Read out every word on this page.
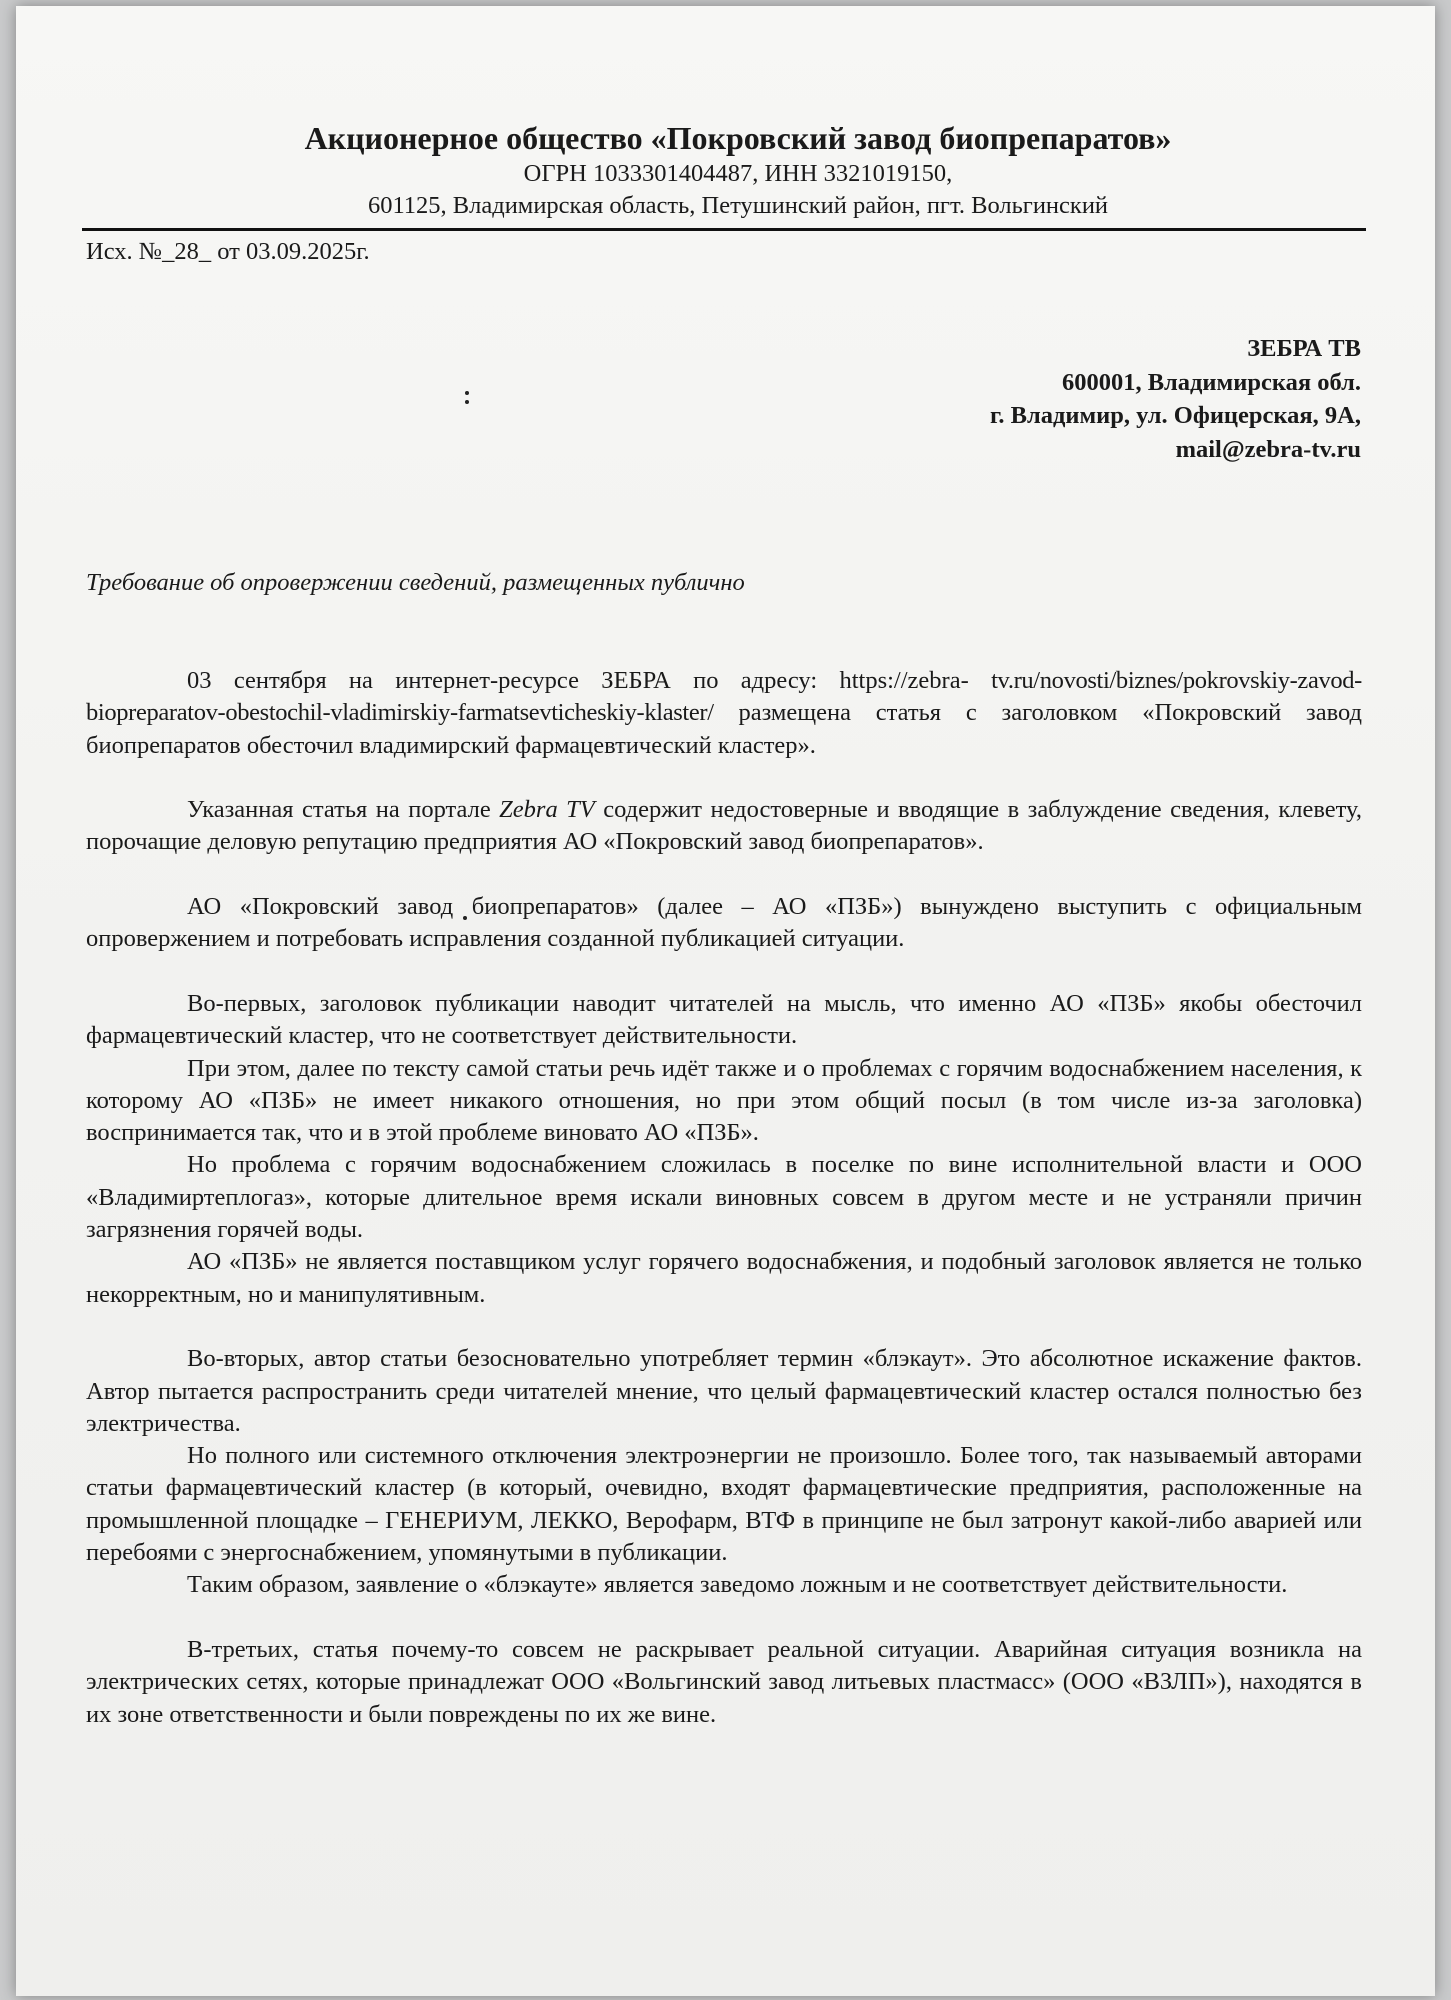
Акционерное общество «Покровский завод биопрепаратов»
ОГРН 1033301404487, ИНН 3321019150,
601125, Владимирская область, Петушинский район, пгт. Вольгинский
Исх. №_28_ от 03.09.2025г.
ЗЕБРА ТВ
600001, Владимирская обл.
г. Владимир, ул. Офицерская, 9А,
mail@zebra-tv.ru
Требование об опровержении сведений, размещенных публично

03 сентября на интернет-ресурсе ЗЕБРА по адресу: https://zebra- tv.ru/novosti/biznes/pokrovskiy-zavod-biopreparatov-obestochil-vladimirskiy-farmatsevticheskiy-klaster/ размещена статья с заголовком «Покровский завод биопрепаратов обесточил владимирский фармацевтический кластер».

Указанная статья на портале Zebra TV содержит недостоверные и вводящие в заблуждение сведения, клевету, порочащие деловую репутацию предприятия АО «Покровский завод биопрепаратов».

АО «Покровский завод биопрепаратов» (далее – АО «ПЗБ») вынуждено выступить с официальным опровержением и потребовать исправления созданной публикацией ситуации.

Во-первых, заголовок публикации наводит читателей на мысль, что именно АО «ПЗБ» якобы обесточил фармацевтический кластер, что не соответствует действительности.

При этом, далее по тексту самой статьи речь идёт также и о проблемах с горячим водоснабжением населения, к которому АО «ПЗБ» не имеет никакого отношения, но при этом общий посыл (в том числе из-за заголовка) воспринимается так, что и в этой проблеме виновато АО «ПЗБ».

Но проблема с горячим водоснабжением сложилась в поселке по вине исполнительной власти и ООО «Владимиртеплогаз», которые длительное время искали виновных совсем в другом месте и не устраняли причин загрязнения горячей воды.

АО «ПЗБ» не является поставщиком услуг горячего водоснабжения, и подобный заголовок является не только некорректным, но и манипулятивным.

Во-вторых, автор статьи безосновательно употребляет термин «блэкаут». Это абсолютное искажение фактов. Автор пытается распространить среди читателей мнение, что целый фармацевтический кластер остался полностью без электричества.

Но полного или системного отключения электроэнергии не произошло. Более того, так называемый авторами статьи фармацевтический кластер (в который, очевидно, входят фармацевтические предприятия, расположенные на промышленной площадке – ГЕНЕРИУМ, ЛЕККО, Верофарм, ВТФ в принципе не был затронут какой-либо аварией или перебоями с энергоснабжением, упомянутыми в публикации.

Таким образом, заявление о «блэкауте» является заведомо ложным и не соответствует действительности.

В-третьих, статья почему-то совсем не раскрывает реальной ситуации. Аварийная ситуация возникла на электрических сетях, которые принадлежат ООО «Вольгинский завод литьевых пластмасс» (ООО «ВЗЛП»), находятся в их зоне ответственности и были повреждены по их же вине.
